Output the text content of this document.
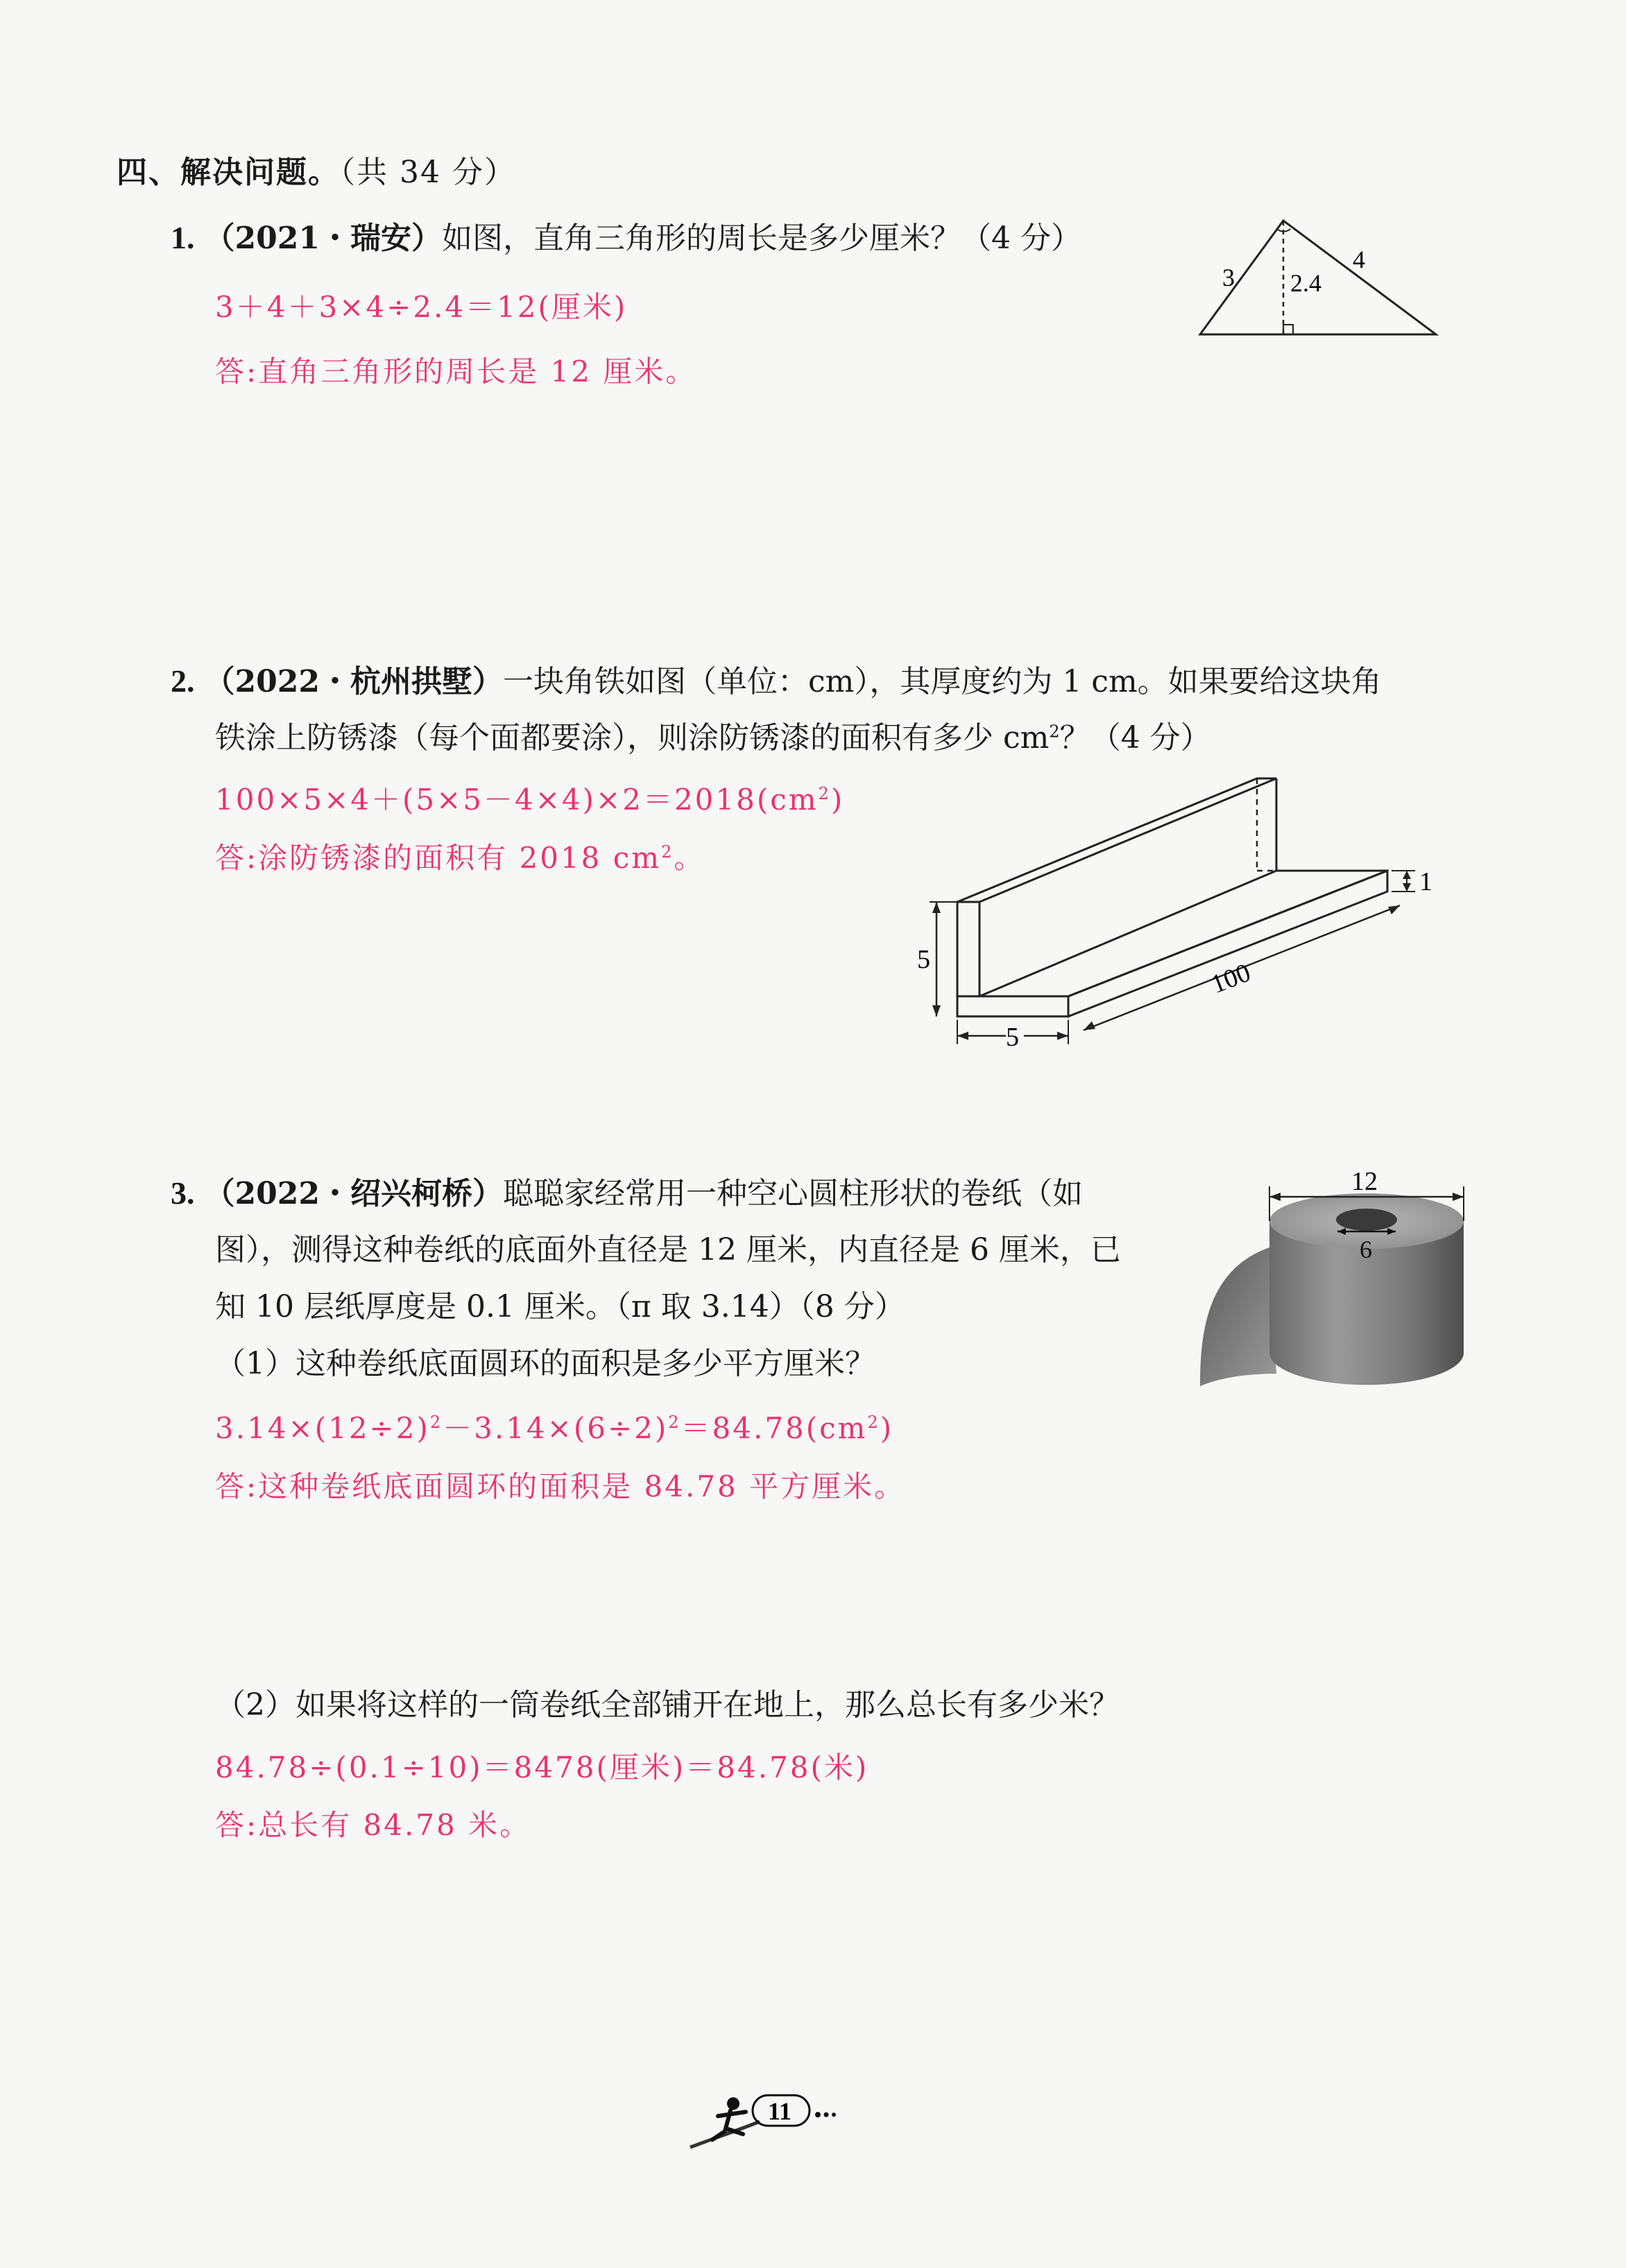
四、解决问题。（共 34 分）
1. （2021・瑞安）如图，直角三角形的周长是多少厘米？（4 分）
3＋4＋3×4÷2.4＝12(厘米)
答:直角三角形的周长是 12 厘米。
3
4
2.4
2. （2022・杭州拱墅）一块角铁如图（单位：cm），其厚度约为 1 cm。如果要给这块角
铁涂上防锈漆（每个面都要涂），则涂防锈漆的面积有多少 $cm^2$？（4 分）
$100\times 5\times 4+(5\times 5-4\times 4)\times 2=2018(cm^2)$
答:涂防锈漆的面积有 2018 $cm^2$。
5
5
100
1
3. （2022・绍兴柯桥）聪聪家经常用一种空心圆柱形状的卷纸（如
图），测得这种卷纸的底面外直径是 12 厘米，内直径是 6 厘米，已
知 10 层纸厚度是 0.1 厘米。（π 取 3.14）（8 分）
（1）这种卷纸底面圆环的面积是多少平方厘米？
$3.14\times(12\div 2)^2-3.14\times(6\div 2)^2=84.78(cm^2)$
答:这种卷纸底面圆环的面积是 84.78 平方厘米。
12
6
（2）如果将这样的一筒卷纸全部铺开在地上，那么总长有多少米？
84.78÷(0.1÷10)＝8478(厘米)＝84.78(米)
答:总长有 84.78 米。
11
